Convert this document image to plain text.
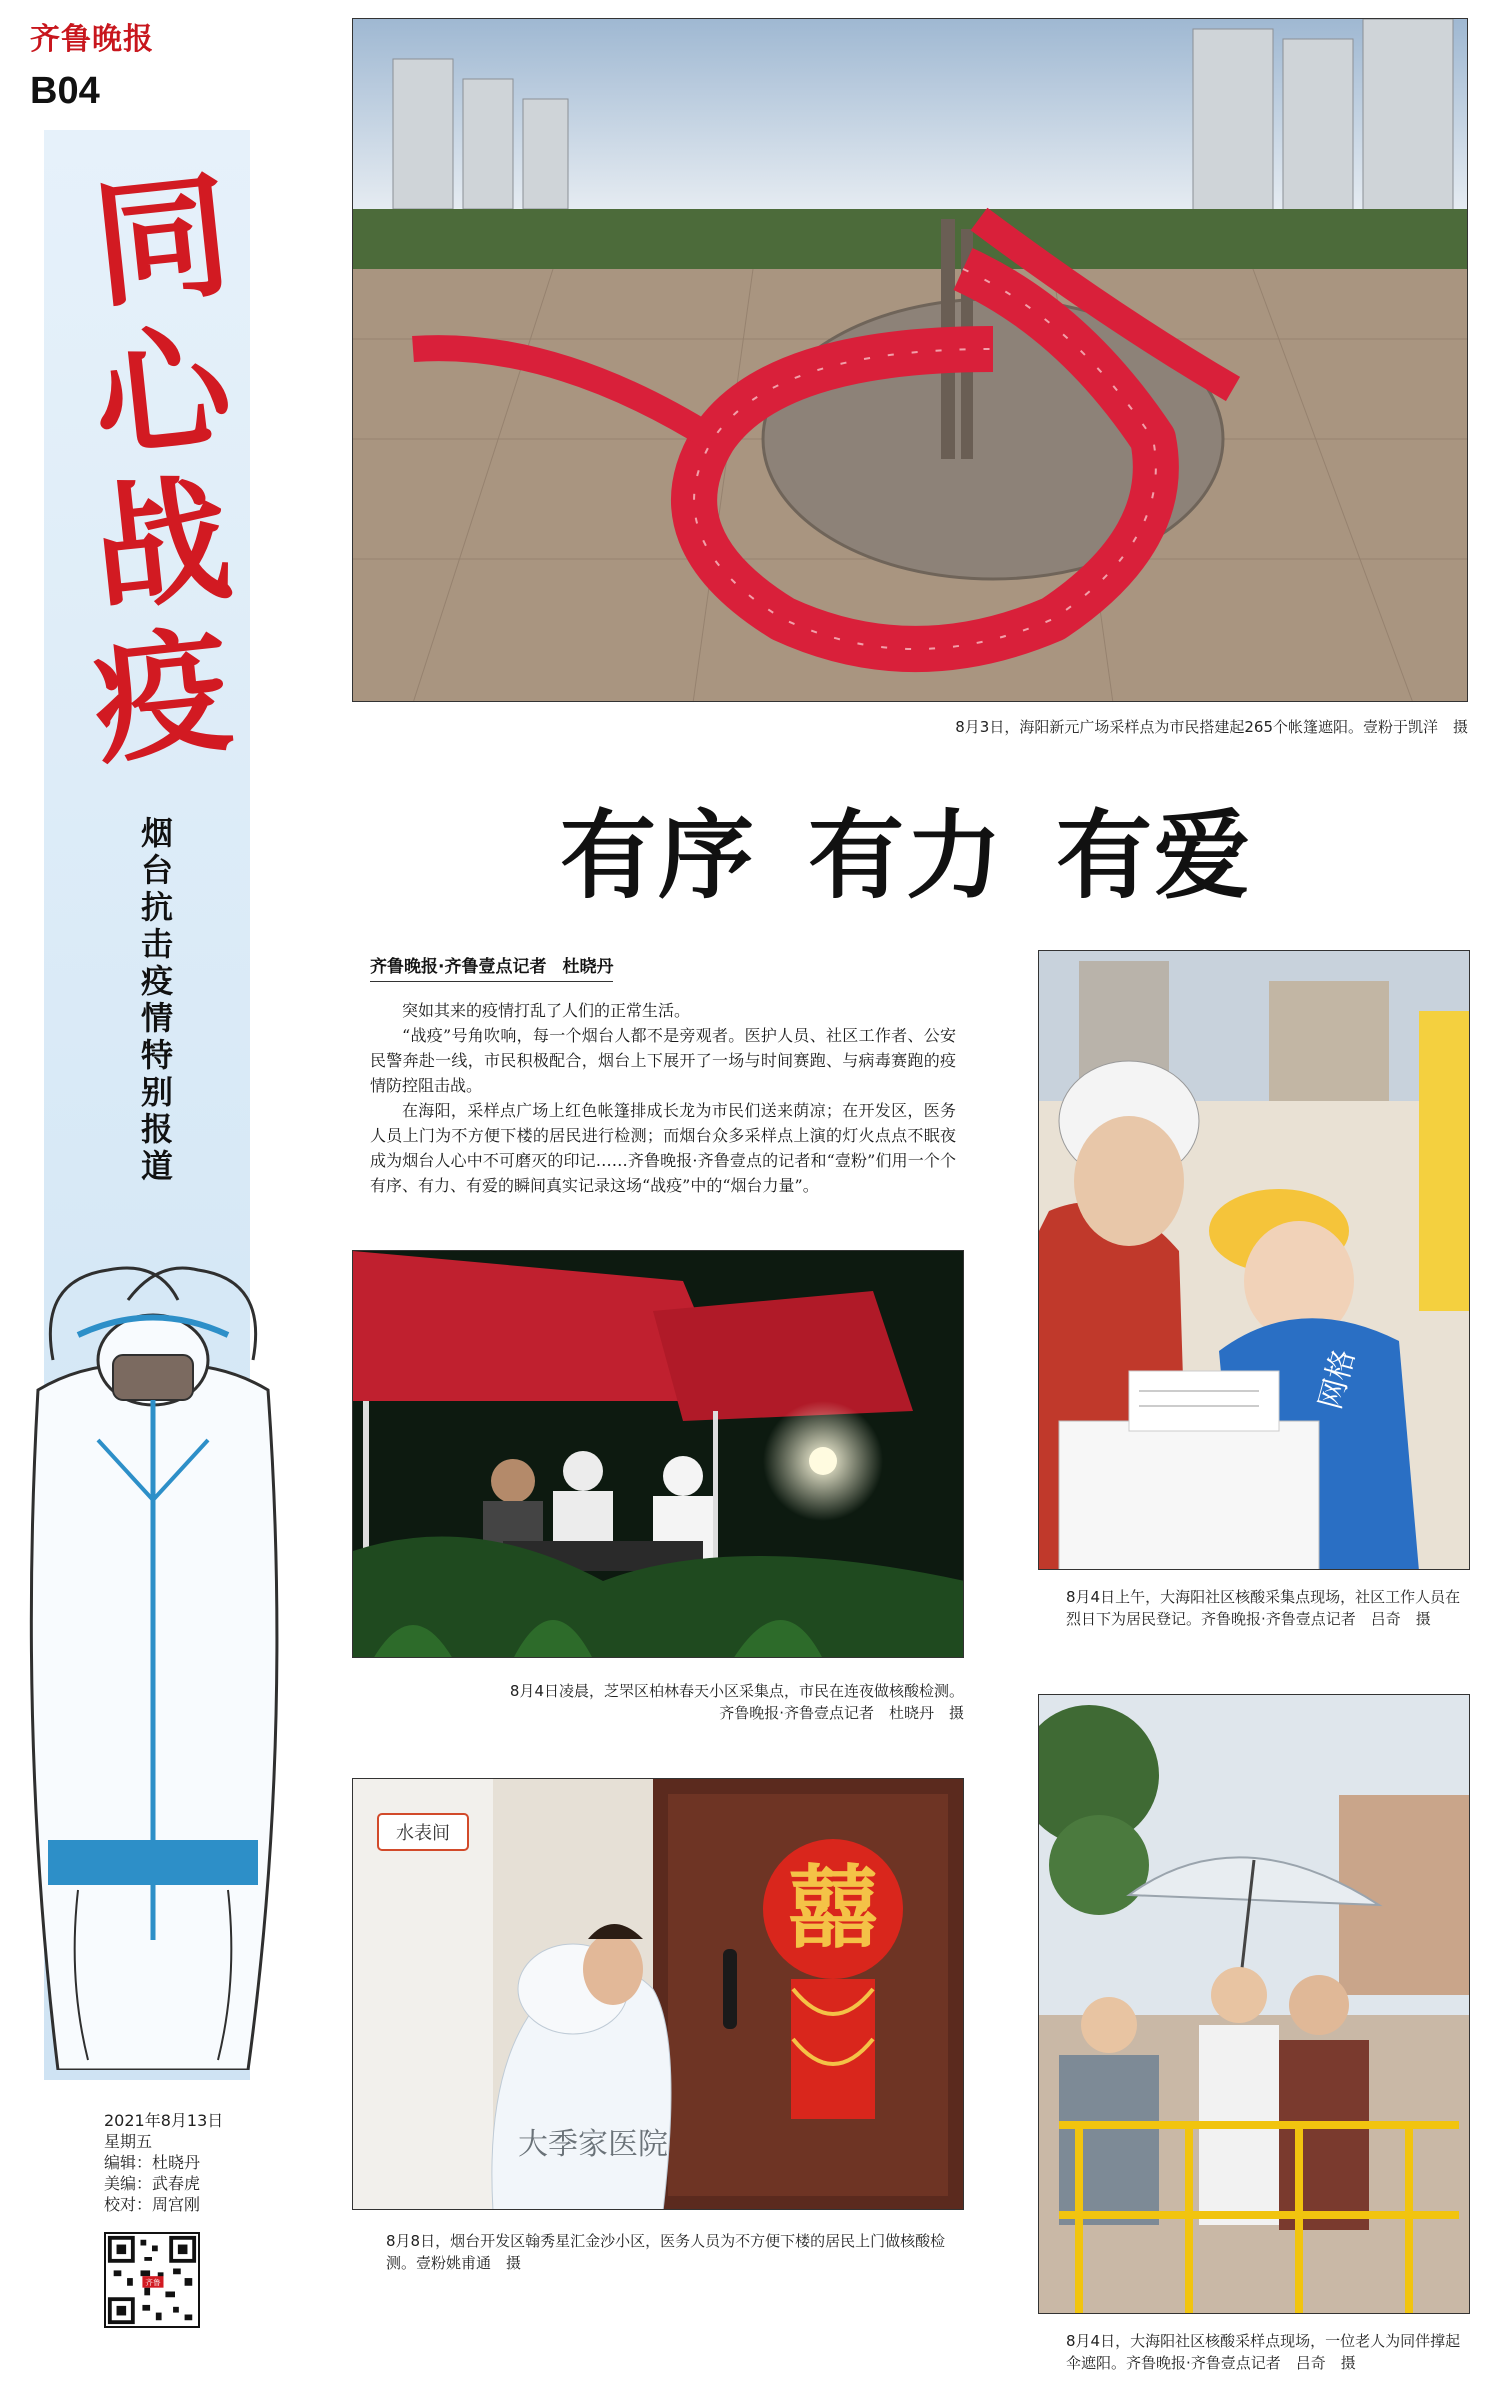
齐鲁晚报
B04
同
心
战
疫
烟台抗击疫情特别报道
2021年8月13日
星期五
编辑：杜晓丹
美编：武春虎
校对：周宫刚
齐鲁
8月3日，海阳新元广场采样点为市民搭建起265个帐篷遮阳。壹粉于凯洋　摄
有序 有力 有爱
齐鲁晚报·齐鲁壹点记者 杜晓丹

突如其来的疫情打乱了人们的正常生活。

“战疫”号角吹响，每一个烟台人都不是旁观者。医护人员、社区工作者、公安民警奔赴一线，市民积极配合，烟台上下展开了一场与时间赛跑、与病毒赛跑的疫情防控阻击战。

在海阳，采样点广场上红色帐篷排成长龙为市民们送来荫凉；在开发区，医务人员上门为不方便下楼的居民进行检测；而烟台众多采样点上演的灯火点点不眠夜成为烟台人心中不可磨灭的印记……齐鲁晚报·齐鲁壹点的记者和“壹粉”们用一个个有序、有力、有爱的瞬间真实记录这场“战疫”中的“烟台力量”。

网格
8月4日上午，大海阳社区核酸采集点现场，社区工作人员在烈日下为居民登记。齐鲁晚报·齐鲁壹点记者　吕奇　摄
8月4日凌晨，芝罘区柏林春天小区采集点，市民在连夜做核酸检测。
齐鲁晚报·齐鲁壹点记者　杜晓丹　摄
水表间
大季家医院
囍
8月8日，烟台开发区翰秀星汇金沙小区，医务人员为不方便下楼的居民上门做核酸检测。壹粉姚甫通　摄
8月4日，大海阳社区核酸采样点现场，一位老人为同伴撑起伞遮阳。齐鲁晚报·齐鲁壹点记者　吕奇　摄
